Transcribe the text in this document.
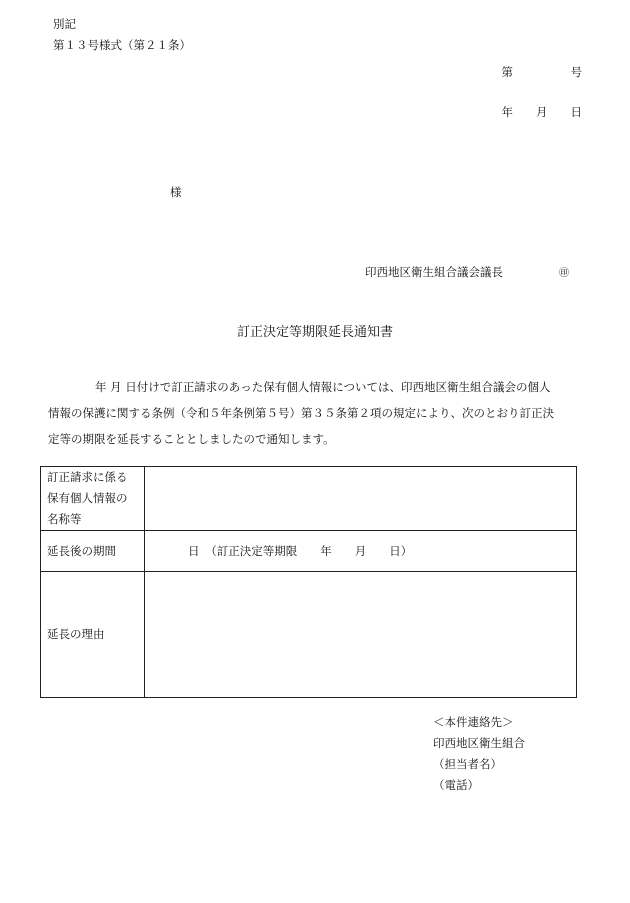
別記
第１３号様式（第２１条）
第　　　　　号
年　　月　　日
様
印西地区衛生組合議会議長	㊞
訂正決定等期限延長通知書
年 月 日付けで訂正請求のあった保有個人情報については、印西地区衛生組合議会の個人
情報の保護に関する条例（令和５年条例第５号）第３５条第２項の規定により、次のとおり訂正決
定等の期限を延長することとしましたので通知します。
訂正請求に係る
保有個人情報の
名称等	

延長後の期間	日　（訂正決定等期限　　年　　月　　日）
延長の理由	
＜本件連絡先＞
印西地区衛生組合
（担当者名）
（電話）
